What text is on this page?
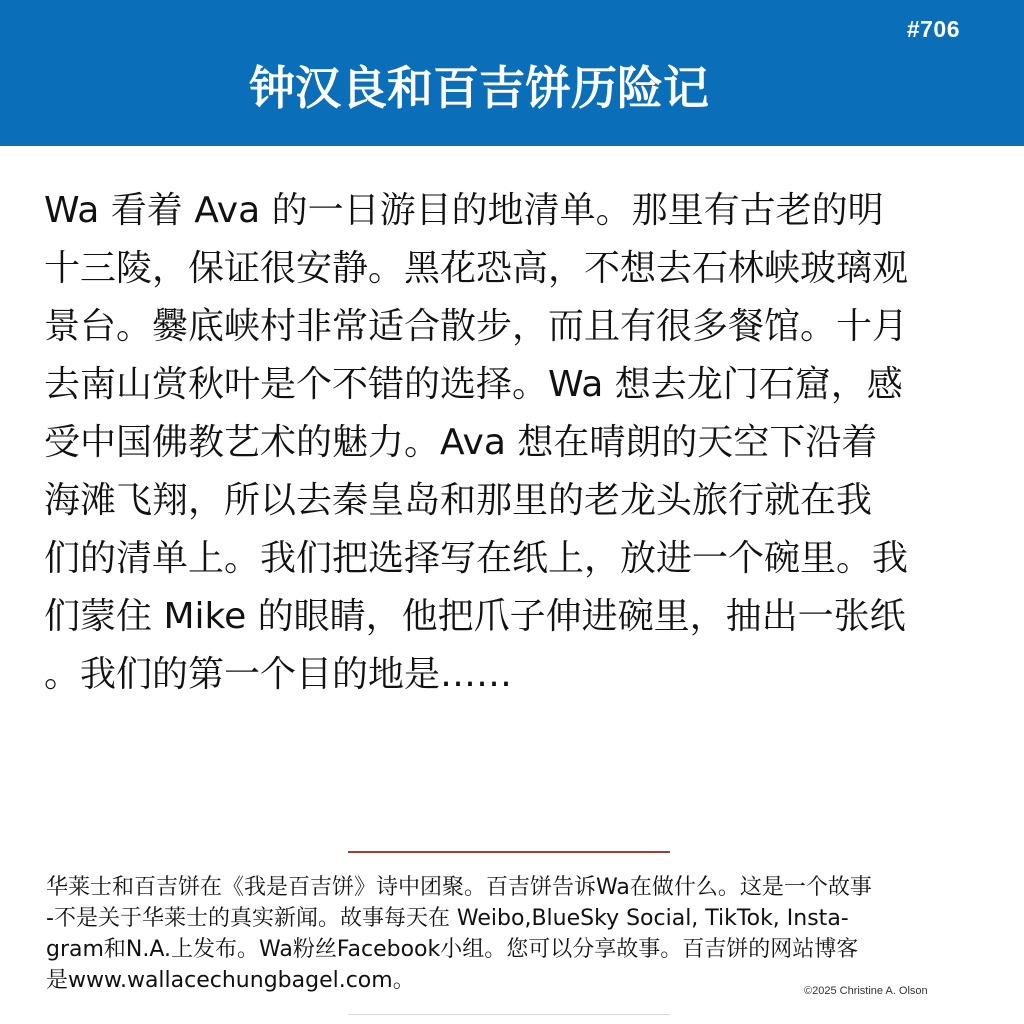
#706
钟汉良和百吉饼历险记
Wa 看着 Ava 的一日游目的地清单。那里有古老的明
十三陵，保证很安静。黑花恐高，不想去石林峡玻璃观
景台。爨底峡村非常适合散步，而且有很多餐馆。十月
去南山赏秋叶是个不错的选择。Wa 想去龙门石窟，感
受中国佛教艺术的魅力。Ava 想在晴朗的天空下沿着
海滩飞翔，所以去秦皇岛和那里的老龙头旅行就在我
们的清单上。我们把选择写在纸上，放进一个碗里。我
们蒙住 Mike 的眼睛，他把爪子伸进碗里，抽出一张纸
。我们的第一个目的地是……
华莱士和百吉饼在《我是百吉饼》诗中团聚。百吉饼告诉Wa在做什么。这是一个故事
-不是关于华莱士的真实新闻。故事每天在 Weibo,BlueSky Social, TikTok, Insta-
gram和N.A.上发布。Wa粉丝Facebook小组。您可以分享故事。百吉饼的网站博客
是www.wallacechungbagel.com。	©2025 Christine A. Olson
